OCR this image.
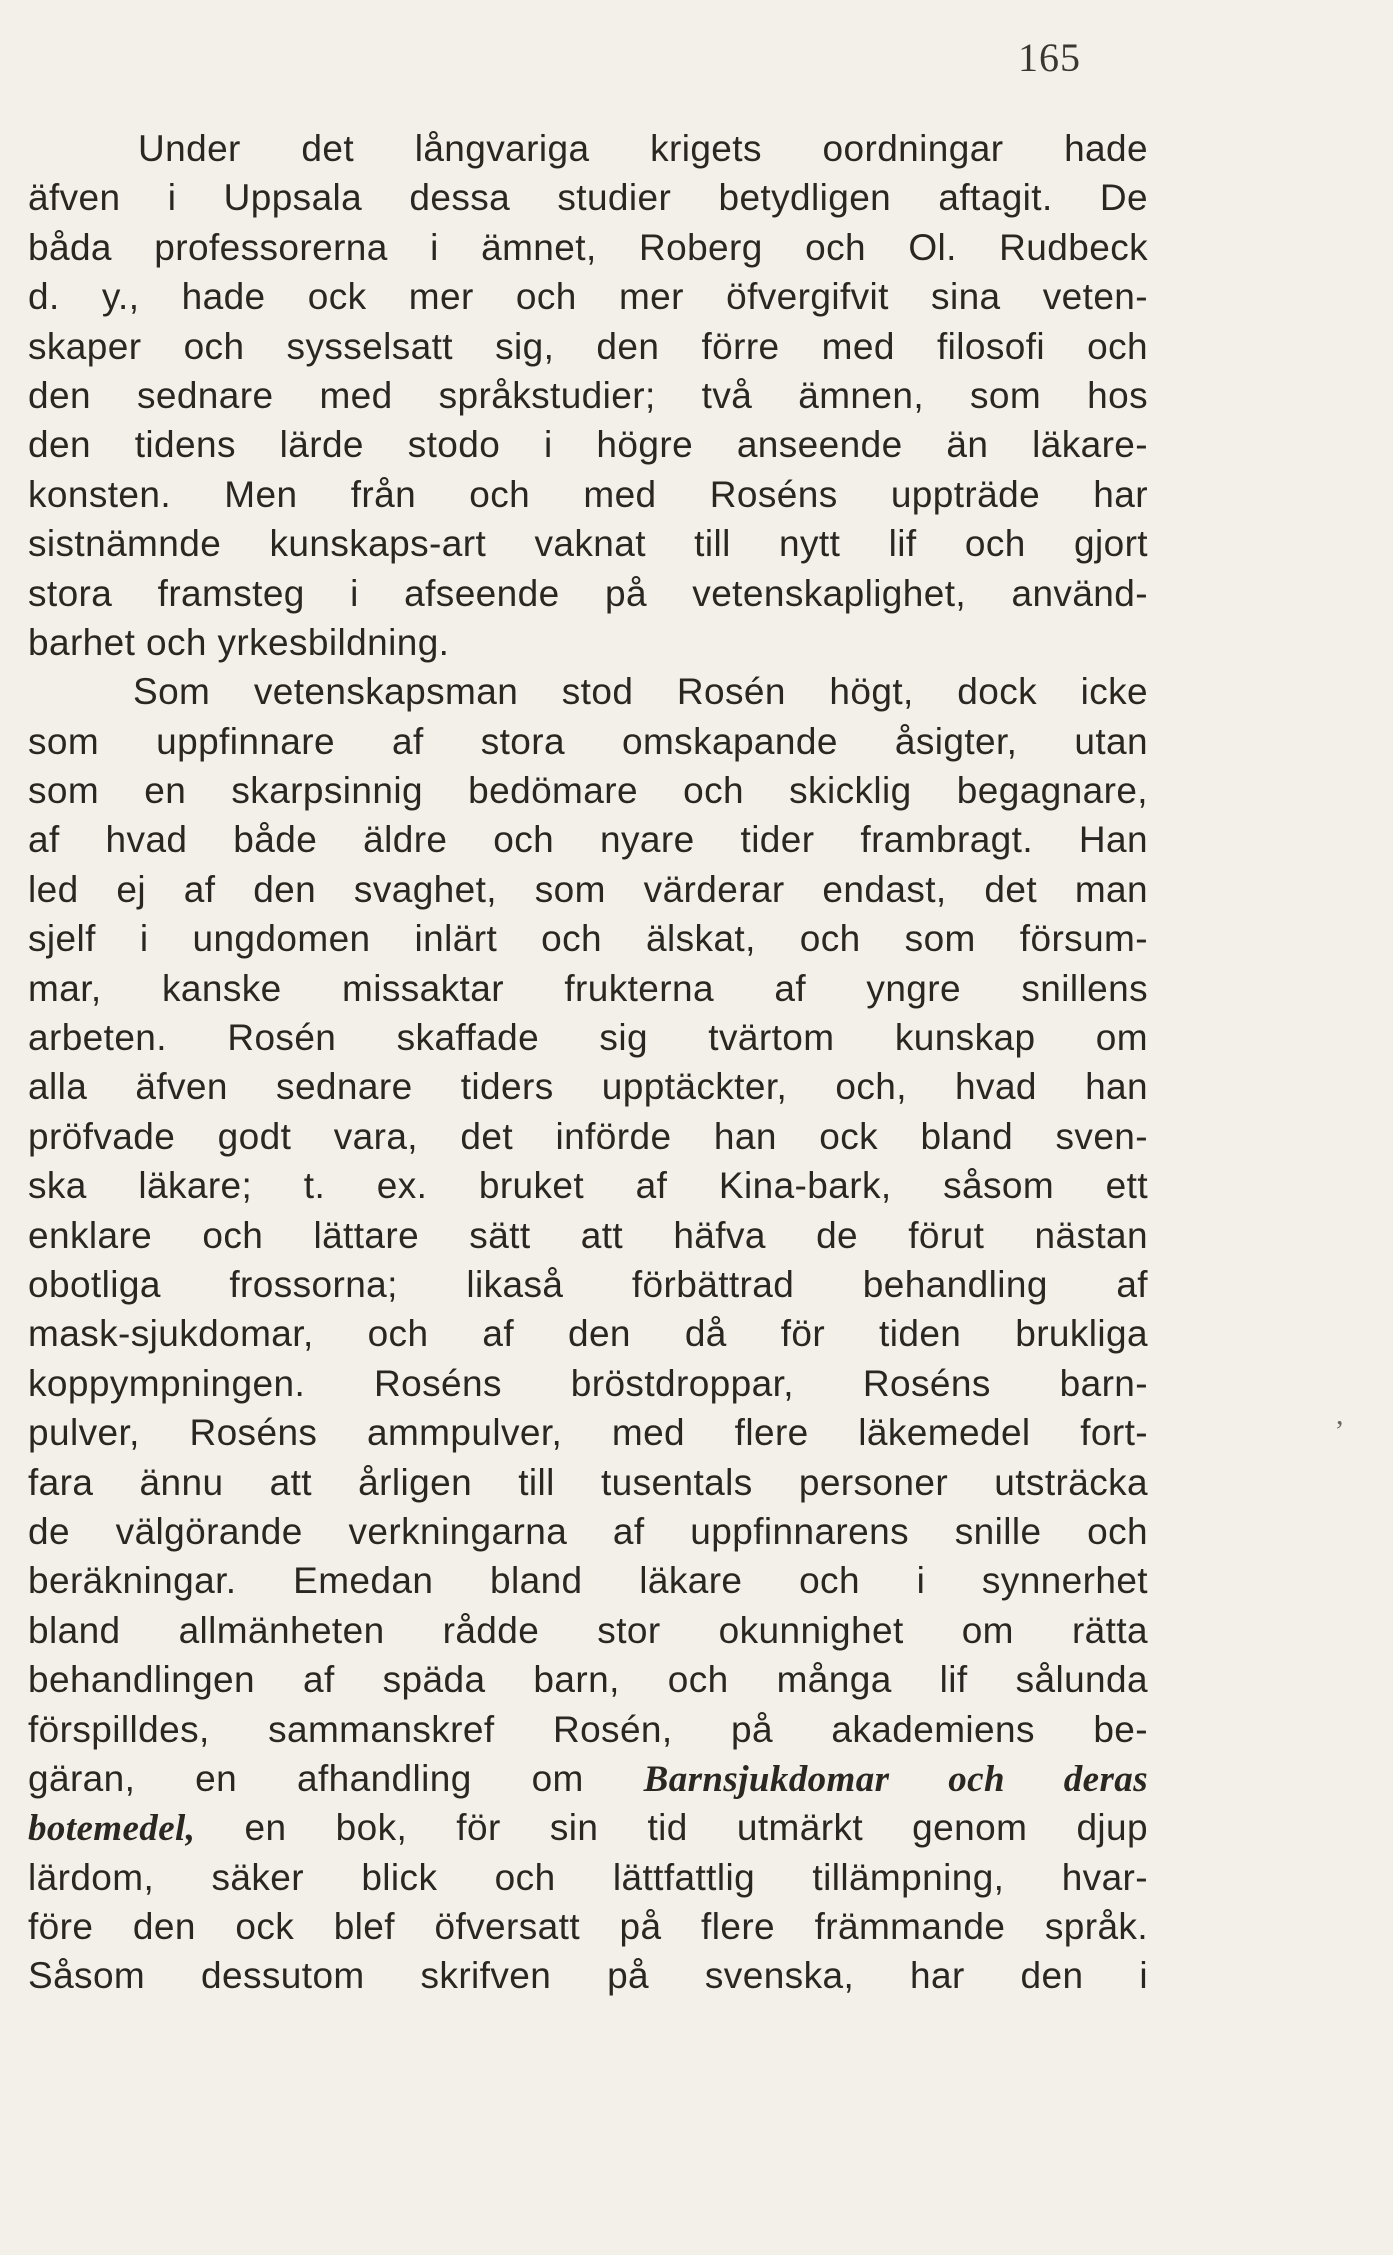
165
Under det långvariga krigets oordningar hade
äfven i Uppsala dessa studier betydligen aftagit. De
båda professorerna i ämnet, Roberg och Ol. Rudbeck
d. y., hade ock mer och mer öfvergifvit sina veten-
skaper och sysselsatt sig, den förre med filosofi och
den sednare med språkstudier; två ämnen, som hos
den tidens lärde stodo i högre anseende än läkare-
konsten. Men från och med Roséns uppträde har
sistnämnde kunskaps-art vaknat till nytt lif och gjort
stora framsteg i afseende på vetenskaplighet, använd-
barhet och yrkesbildning.
Som vetenskapsman stod Rosén högt, dock icke
som uppfinnare af stora omskapande åsigter, utan
som en skarpsinnig bedömare och skicklig begagnare,
af hvad både äldre och nyare tider frambragt. Han
led ej af den svaghet, som värderar endast, det man
sjelf i ungdomen inlärt och älskat, och som försum-
mar, kanske missaktar frukterna af yngre snillens
arbeten. Rosén skaffade sig tvärtom kunskap om
alla äfven sednare tiders upptäckter, och, hvad han
pröfvade godt vara, det införde han ock bland sven-
ska läkare; t. ex. bruket af Kina-bark, såsom ett
enklare och lättare sätt att häfva de förut nästan
obotliga frossorna; likaså förbättrad behandling af
mask-sjukdomar, och af den då för tiden brukliga
koppympningen. Roséns bröstdroppar, Roséns barn-
pulver, Roséns ammpulver, med flere läkemedel fort-
fara ännu att årligen till tusentals personer utsträcka
de välgörande verkningarna af uppfinnarens snille och
beräkningar. Emedan bland läkare och i synnerhet
bland allmänheten rådde stor okunnighet om rätta
behandlingen af späda barn, och många lif sålunda
förspilldes, sammanskref Rosén, på akademiens be-
gäran, en afhandling om Barnsjukdomar och deras
botemedel, en bok, för sin tid utmärkt genom djup
lärdom, säker blick och lättfattlig tillämpning, hvar-
före den ock blef öfversatt på flere främmande språk.
Såsom dessutom skrifven på svenska, har den i
,
